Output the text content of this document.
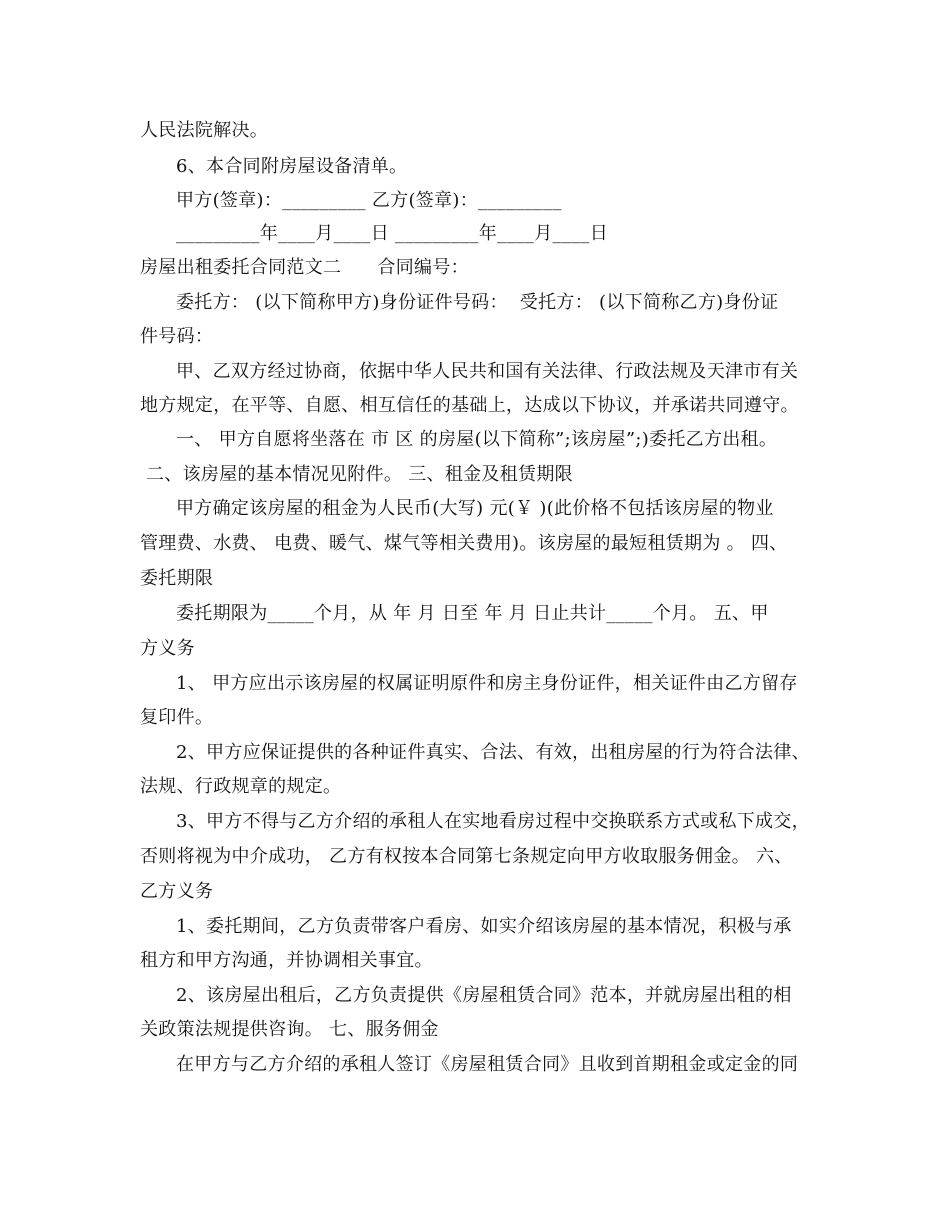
人民法院解决。
6、本合同附房屋设备清单。
甲方(签章)：_________ 乙方(签章)：_________
_________年____月____日 _________年____月____日
房屋出租委托合同范文二      合同编号：
委托方： (以下简称甲方)身份证件号码：  受托方： (以下简称乙方)身份证
件号码：
甲、乙双方经过协商，依据中华人民共和国有关法律、行政法规及天津市有关
地方规定，在平等、自愿、相互信任的基础上，达成以下协议，并承诺共同遵守。
一、 甲方自愿将坐落在 市 区 的房屋(以下简称”;该房屋”;)委托乙方出租。
二、该房屋的基本情况见附件。 三、租金及租赁期限
甲方确定该房屋的租金为人民币(大写) 元(￥ )(此价格不包括该房屋的物业
管理费、水费、 电费、暖气、煤气等相关费用)。该房屋的最短租赁期为 。 四、
委托期限
委托期限为_____个月，从 年 月 日至 年 月 日止共计_____个月。 五、甲
方义务
1、 甲方应出示该房屋的权属证明原件和房主身份证件，相关证件由乙方留存
复印件。
2、甲方应保证提供的各种证件真实、合法、有效，出租房屋的行为符合法律、
法规、行政规章的规定。
3、甲方不得与乙方介绍的承租人在实地看房过程中交换联系方式或私下成交，
否则将视为中介成功， 乙方有权按本合同第七条规定向甲方收取服务佣金。 六、
乙方义务
1、委托期间，乙方负责带客户看房、如实介绍该房屋的基本情况，积极与承
租方和甲方沟通，并协调相关事宜。
2、该房屋出租后，乙方负责提供《房屋租赁合同》范本，并就房屋出租的相
关政策法规提供咨询。 七、服务佣金
在甲方与乙方介绍的承租人签订《房屋租赁合同》且收到首期租金或定金的同
